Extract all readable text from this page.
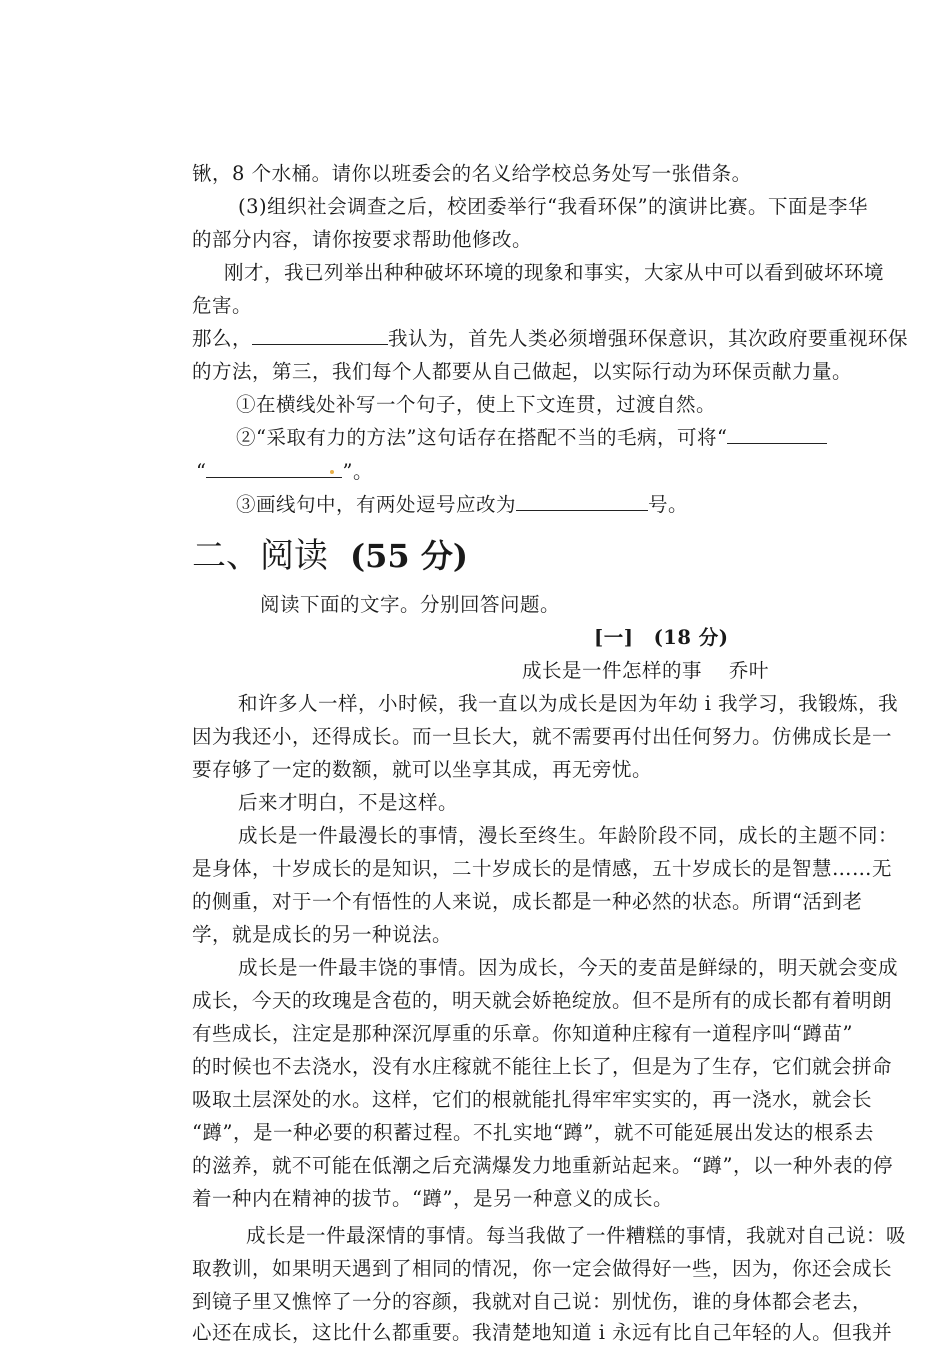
锹，8 个水桶。请你以班委会的名义给学校总务处写一张借条。
(3)组织社会调查之后，校团委举行“我看环保”的演讲比赛。下面是李华
的部分内容，请你按要求帮助他修改。
刚才，我已列举出种种破坏环境的现象和事实，大家从中可以看到破坏环境
危害。
那么，	我认为，首先人类必须增强环保意识，其次政府要重视环保
的方法，第三，我们每个人都要从自己做起，以实际行动为环保贡献力量。
①在横线处补写一个句子，使上下文连贯，过渡自然。
②“采取有力的方法”这句话存在搭配不当的毛病，可将“
“	”。
③画线句中，有两处逗号应改为	号。
二、阅读 (55 分)
阅读下面的文字。分别回答问题。
[一] (18 分)
成长是一件怎样的事 乔叶
和许多人一样，小时候，我一直以为成长是因为年幼 i 我学习，我锻炼，我
因为我还小，还得成长。而一旦长大，就不需要再付出任何努力。仿佛成长是一
要存够了一定的数额，就可以坐享其成，再无旁忧。
后来才明白，不是这样。
成长是一件最漫长的事情，漫长至终生。年龄阶段不同，成长的主题不同：
是身体，十岁成长的是知识，二十岁成长的是情感，五十岁成长的是智慧……无
的侧重，对于一个有悟性的人来说，成长都是一种必然的状态。所谓“活到老
学，就是成长的另一种说法。
成长是一件最丰饶的事情。因为成长，今天的麦苗是鲜绿的，明天就会变成
成长，今天的玫瑰是含苞的，明天就会娇艳绽放。但不是所有的成长都有着明朗
有些成长，注定是那种深沉厚重的乐章。你知道种庄稼有一道程序叫“蹲苗”
的时候也不去浇水，没有水庄稼就不能往上长了，但是为了生存，它们就会拼命
吸取土层深处的水。这样，它们的根就能扎得牢牢实实的，再一浇水，就会长
“蹲”，是一种必要的积蓄过程。不扎实地“蹲”，就不可能延展出发达的根系去
的滋养，就不可能在低潮之后充满爆发力地重新站起来。“蹲”，以一种外表的停
着一种内在精神的拔节。“蹲”，是另一种意义的成长。
成长是一件最深情的事情。每当我做了一件糟糕的事情，我就对自己说：吸
取教训，如果明天遇到了相同的情况，你一定会做得好一些，因为，你还会成长
到镜子里又憔悴了一分的容颜，我就对自己说：别忧伤，谁的身体都会老去，
心还在成长，这比什么都重要。我清楚地知道 i 永远有比自己年轻的人。但我并
